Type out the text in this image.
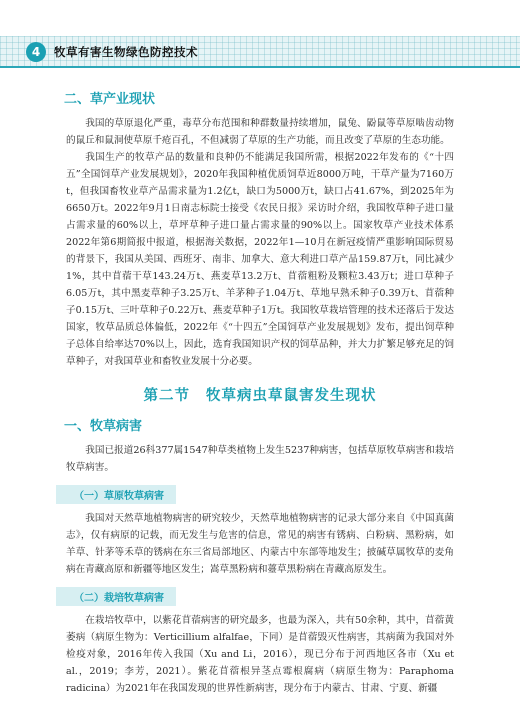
4	牧草有害生物绿色防控技术
二、草产业现状

我国的草原退化严重，毒草分布范围和种群数量持续增加，鼠兔、鼢鼠等草原啮齿动物的鼠丘和鼠洞使草原千疮百孔，不但减弱了草原的生产功能，而且改变了草原的生态功能。

我国生产的牧草产品的数量和良种仍不能满足我国所需，根据2022年发布的《“十四五”全国饲草产业发展规划》，2020年我国种植优质饲草近8000万吨，干草产量为7160万t，但我国畜牧业草产品需求量为1.2亿t，缺口为5000万t，缺口占41.67%，到2025年为6650万t。2022年9月1日南志标院士接受《农民日报》采访时介绍，我国牧草种子进口量占需求量的60%以上，草坪草种子进口量占需求量的90%以上。国家牧草产业技术体系2022年第6期简报中报道，根据海关数据，2022年1—10月在新冠疫情严重影响国际贸易的背景下，我国从美国、西班牙、南非、加拿大、意大利进口草产品159.87万t，同比减少1%，其中苜蓿干草143.24万t、燕麦草13.2万t、苜蓿粗粉及颗粒3.43万t；进口草种子6.05万t，其中黑麦草种子3.25万t、羊茅种子1.04万t、草地早熟禾种子0.39万t、苜蓿种子0.15万t、三叶草种子0.22万t、燕麦草种子1万t。我国牧草栽培管理的技术还落后于发达国家，牧草品质总体偏低，2022年《“十四五”全国饲草产业发展规划》发布，提出饲草种子总体自给率达70%以上，因此，选育我国知识产权的饲草品种，并大力扩繁足够充足的饲草种子，对我国草业和畜牧业发展十分必要。

第二节 牧草病虫草鼠害发生现状
一、牧草病害

我国已报道26科377属1547种草类植物上发生5237种病害，包括草原牧草病害和栽培牧草病害。

（一）草原牧草病害

我国对天然草地植物病害的研究较少，天然草地植物病害的记录大部分来自《中国真菌志》，仅有病原的记载，而无发生与危害的信息，常见的病害有锈病、白粉病、黑粉病，如羊草、针茅等禾草的锈病在东三省局部地区、内蒙古中东部等地发生；披碱草属牧草的麦角病在青藏高原和新疆等地区发生；嵩草黑粉病和薹草黑粉病在青藏高原发生。

（二）栽培牧草病害

在栽培牧草中，以紫花苜蓿病害的研究最多，也最为深入，共有50余种，其中，苜蓿黄萎病（病原生物为：Verticillium alfalfae，下同）是苜蓿毁灭性病害，其病菌为我国对外检疫对象，2016年传入我国（Xu and Li，2016），现已分布于河西地区各市（Xu et al.，2019；李芳，2021）。紫花苜蓿根异茎点霉根腐病（病原生物为：Paraphoma radicina）为2021年在我国发现的世界性新病害，现分布于内蒙古、甘肃、宁夏、新疆
